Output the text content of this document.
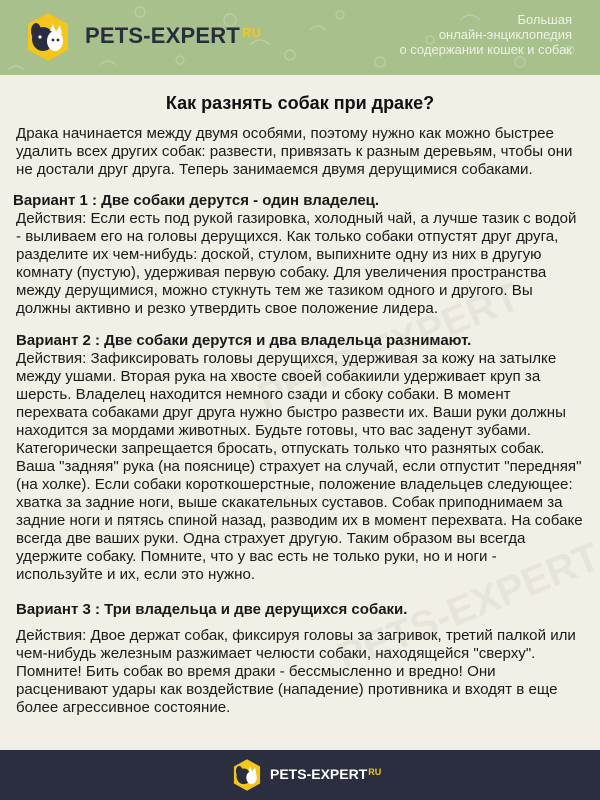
PETS-EXPERT $^{RU}$
Большая
онлайн-энциклопедия
о содержании кошек и собак
Как разнять собак при драке?

Драка начинается между двумя особями, поэтому нужно как можно быстрее удалить всех других собак: развести, привязать к разным деревьям, чтобы они не достали друг друга. Теперь занимаемся двумя дерущимися собаками.

Вариант 1 : Две собаки дерутся - один владелец.

Действия: Если есть под рукой газировка, холодный чай, а лучше тазик с водой - выливаем его на головы дерущихся. Как только собаки отпустят друг друга, разделите их чем-нибудь: доской, стулом, выпихните одну из них в другую комнату (пустую), удерживая первую собаку. Для увеличения пространства между дерущимися, можно стукнуть тем же тазиком одного и другого. Вы должны активно и резко утвердить свое положение лидера.

Вариант 2 : Две собаки дерутся и два владельца разнимают.

Действия: Зафиксировать головы дерущихся, удерживая за кожу на затылке между ушами. Вторая рука на хвосте своей собакиили удерживает круп за шерсть. Владелец находится немного сзади и сбоку собаки. В момент перехвата собаками друг друга нужно быстро развести их. Ваши руки должны находится за мордами животных. Будьте готовы, что вас заденут зубами. Категорически запрещается бросать, отпускать только что разнятых собак. Ваша "задняя" рука (на пояснице) страхует на случай, если отпустит "передняя" (на холке). Если собаки короткошерстные, положение владельцев следующее: хватка за задние ноги, выше скакательных суставов. Собак приподнимаем за задние ноги и пятясь спиной назад, разводим их в момент перехвата. На собаке всегда две ваших руки. Одна страхует другую. Таким образом вы всегда удержите собаку. Помните, что у вас есть не только руки, но и ноги - используйте и их, если это нужно.

Вариант 3 : Три владельца и две дерущихся собаки.

Действия: Двое держат собак, фиксируя головы за загривок, третий палкой или чем-нибудь железным разжимает челюсти собаки, находящейся "сверху". Помните! Бить собак во время драки - бессмысленно и вредно! Они расценивают удары как воздействие (нападение) противника и входят в еще более агрессивное состояние.

PETS-EXPERT$^{RU}$
